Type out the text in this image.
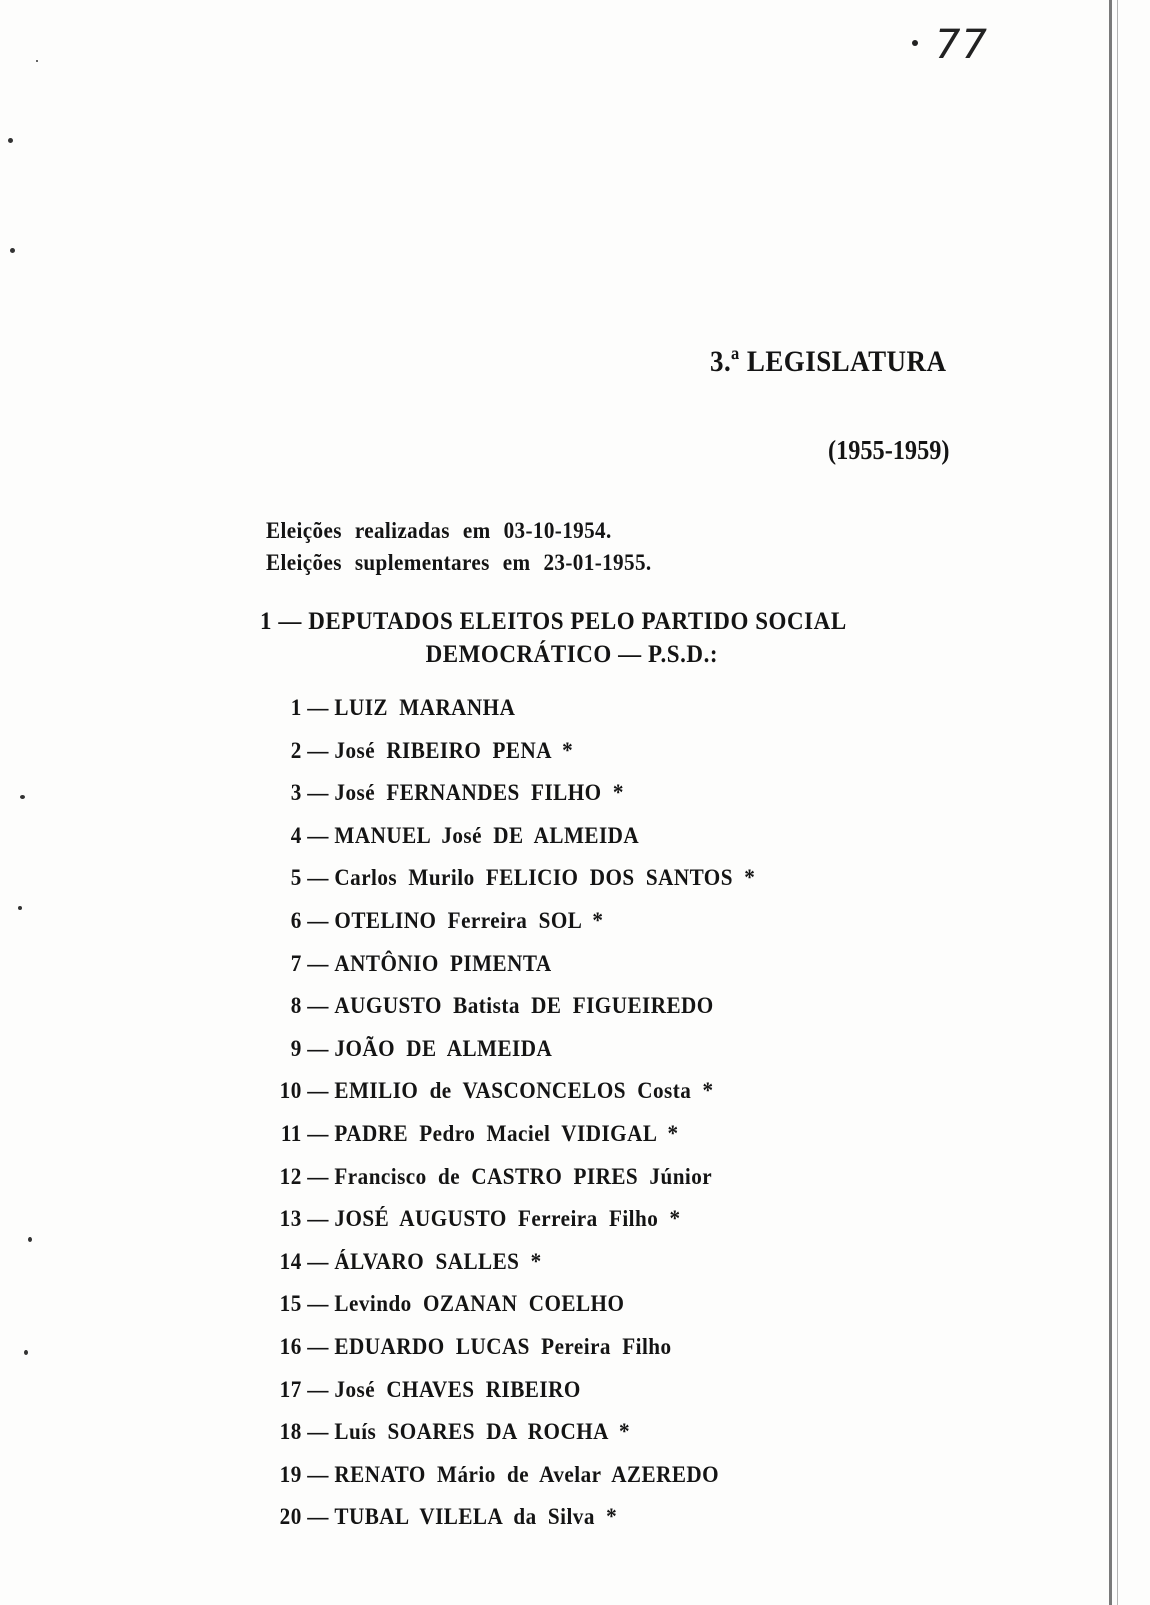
77
3.ª LEGISLATURA
(1955-1959)
Eleições realizadas em 03-10-1954.
Eleições suplementares em 23-01-1955.
1 — DEPUTADOS ELEITOS PELO PARTIDO SOCIAL
DEMOCRÁTICO — P.S.D.:
1 — LUIZ MARANHA
2 — José RIBEIRO PENA *
3 — José FERNANDES FILHO *
4 — MANUEL José DE ALMEIDA
5 — Carlos Murilo FELICIO DOS SANTOS *
6 — OTELINO Ferreira SOL *
7 — ANTÔNIO PIMENTA
8 — AUGUSTO Batista DE FIGUEIREDO
9 — JOÃO DE ALMEIDA
10 — EMILIO de VASCONCELOS Costa *
11 — PADRE Pedro Maciel VIDIGAL *
12 — Francisco de CASTRO PIRES Júnior
13 — JOSÉ AUGUSTO Ferreira Filho *
14 — ÁLVARO SALLES *
15 — Levindo OZANAN COELHO
16 — EDUARDO LUCAS Pereira Filho
17 — José CHAVES RIBEIRO
18 — Luís SOARES DA ROCHA *
19 — RENATO Mário de Avelar AZEREDO
20 — TUBAL VILELA da Silva *
